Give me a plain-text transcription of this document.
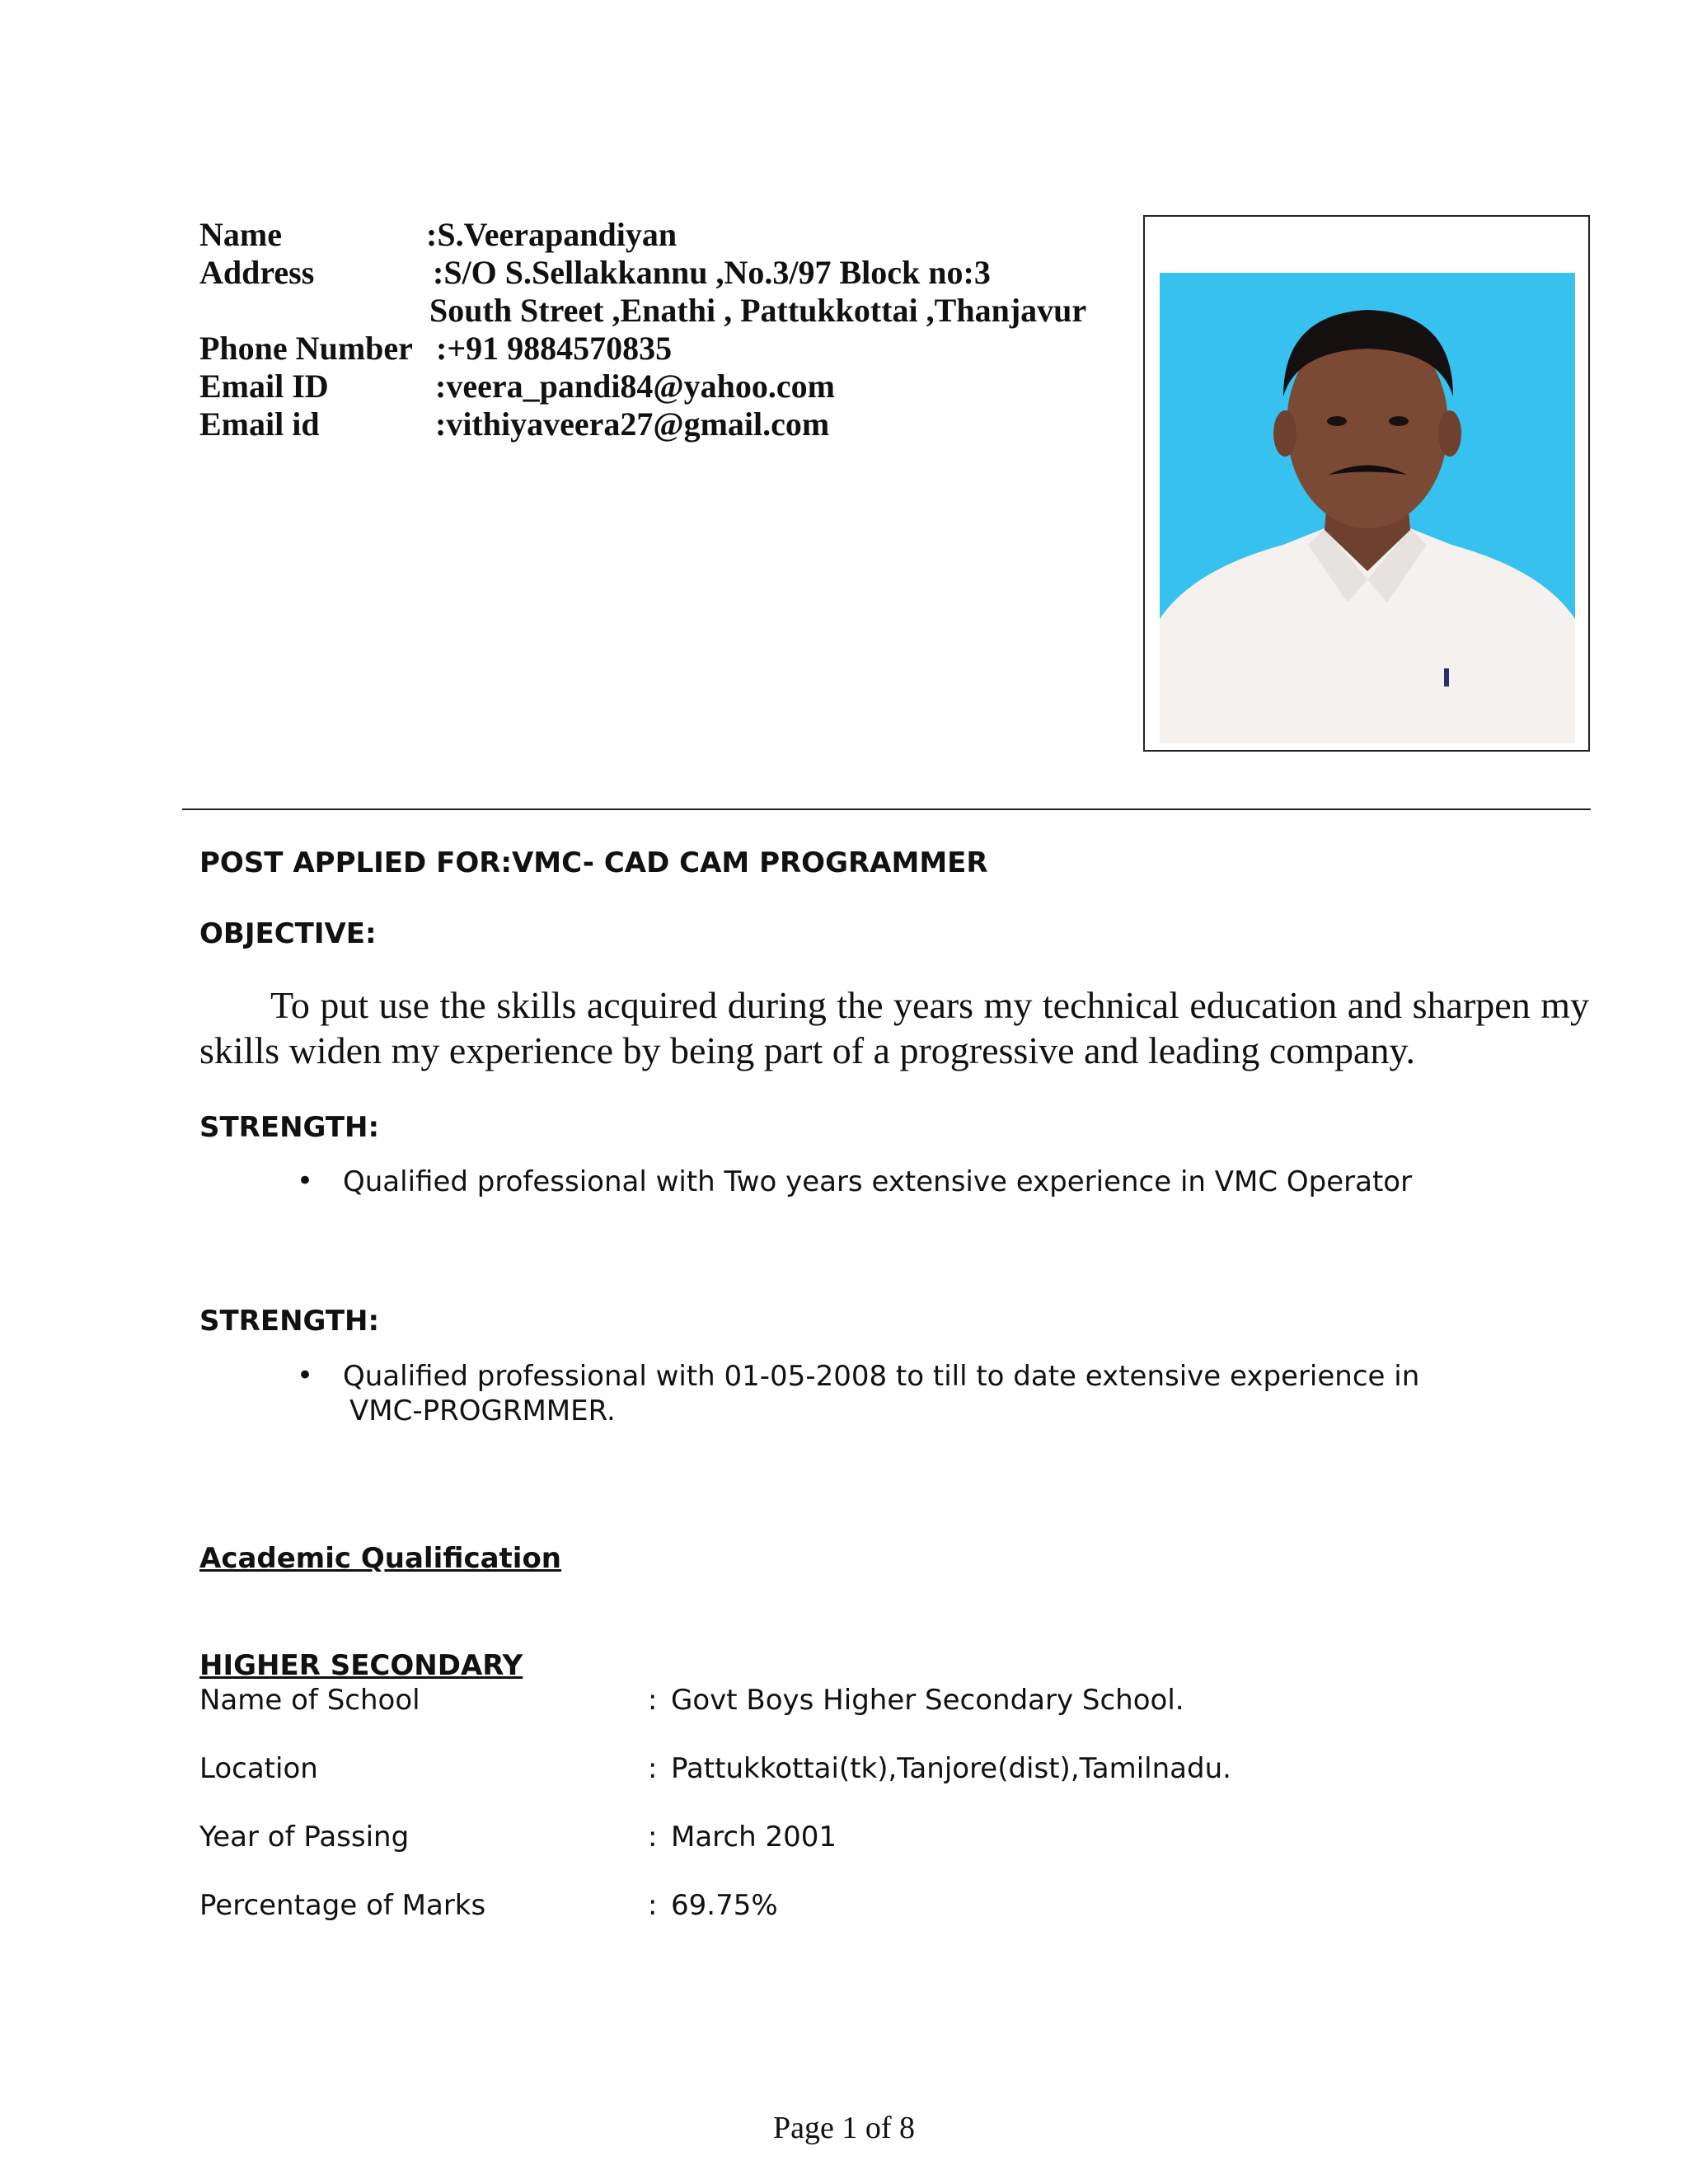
Name	:S.Veerapandiyan
Address	:S/O S.Sellakkannu ,No.3/97 Block no:3
South Street ,Enathi , Pattukkottai ,Thanjavur
Phone Number :+91 9884570835
Email ID	:veera_pandi84@yahoo.com
Email id	:vithiyaveera27@gmail.com
POST APPLIED FOR:VMC- CAD CAM PROGRAMMER
OBJECTIVE:
To put use the skills acquired during the years my technical education and sharpen my skills widen my experience by being part of a progressive and leading company.
STRENGTH:
• Qualified professional with Two years extensive experience in VMC Operator
STRENGTH:
• Qualified professional with 01-05-2008 to till to date extensive experience in
VMC-PROGRMMER.
Academic Qualification
HIGHER SECONDARY
Name of School	: Govt Boys Higher Secondary School.
Location	: Pattukkottai(tk),Tanjore(dist),Tamilnadu.
Year of Passing	: March 2001
Percentage of Marks	: 69.75%
Page 1 of 8
